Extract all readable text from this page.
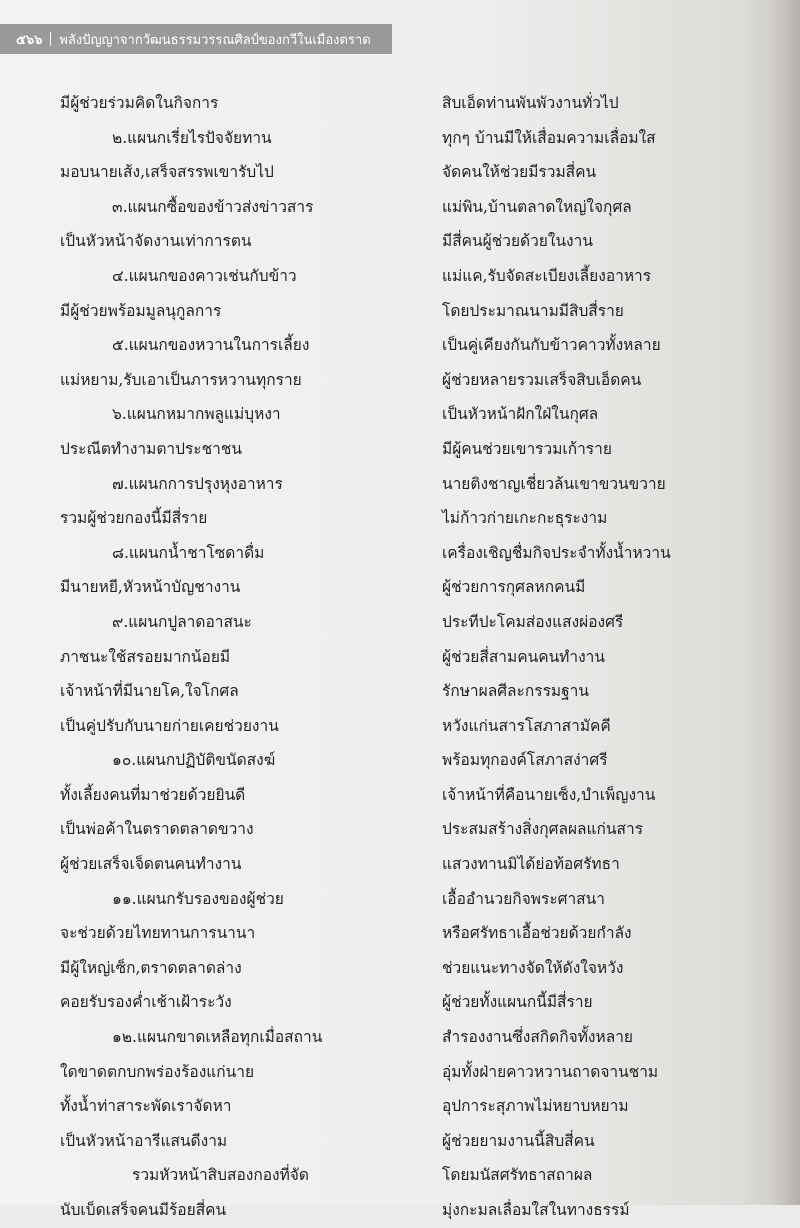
๕๖๖ พลังปัญญาจากวัฒนธรรมวรรณศิลป์ของกวีในเมืองตราด
มีผู้ช่วยร่วมคิดในกิจการ
๒.แผนกเรี่ยไรปัจจัยทาน
มอบนายเส้ง,เสร็จสรรพเขารับไป
๓.แผนกซื้อของข้าวส่งข่าวสาร
เป็นหัวหน้าจัดงานเท่าการตน
๔.แผนกของคาวเช่นกับข้าว
มีผู้ช่วยพร้อมมูลนุกูลการ
๕.แผนกของหวานในการเลี้ยง
แม่หยาม,รับเอาเป็นภารหวานทุกราย
๖.แผนกหมากพลูแม่บุหงา
ประณีตทำงามตาประชาชน
๗.แผนกการปรุงหุงอาหาร
รวมผู้ช่วยกองนี้มีสี่ราย
๘.แผนกน้ำชาโซดาดื่ม
มีนายหยี,หัวหน้าบัญชางาน
๙.แผนกปูลาดอาสนะ
ภาชนะใช้สรอยมากน้อยมี
เจ้าหน้าที่มีนายโค,ใจโกศล
เป็นคู่ปรับกับนายก่ายเคยช่วยงาน
๑๐.แผนกปฏิบัติขนัดสงฆ์
ทั้งเลี้ยงคนที่มาช่วยด้วยยินดี
เป็นพ่อค้าในตราดตลาดขวาง
ผู้ช่วยเสร็จเจ็ดตนคนทำงาน
๑๑.แผนกรับรองของผู้ช่วย
จะช่วยด้วยไทยทานการนานา
มีผู้ใหญ่เซ็ก,ตราดตลาดล่าง
คอยรับรองค่ำเช้าเฝ้าระวัง
๑๒.แผนกขาดเหลือทุกเมื่อสถาน
ใดขาดตกบกพร่องร้องแก่นาย
ทั้งน้ำท่าสาระพัดเราจัดหา
เป็นหัวหน้าอารีแสนดีงาม
รวมหัวหน้าสิบสองกองที่จัด
นับเบ็ดเสร็จคนมีร้อยสี่คน
สิบเอ็ดท่านพันพัวงานทั่วไป
ทุกๆ บ้านมีให้เสื่อมความเลื่อมใส
จัดคนให้ช่วยมีรวมสี่คน
แม่พิน,บ้านตลาดใหญ่ใจกุศล
มีสี่คนผู้ช่วยด้วยในงาน
แม่แค,รับจัดสะเบียงเลี้ยงอาหาร
โดยประมาณนามมีสิบสี่ราย
เป็นคู่เคียงกันกับข้าวคาวทั้งหลาย
ผู้ช่วยหลายรวมเสร็จสิบเอ็ดคน
เป็นหัวหน้าฝักใฝ่ในกุศล
มีผู้คนช่วยเขารวมเก้าราย
นายติงชาญเชี่ยวล้นเขาขวนขวาย
ไม่ก้าวก่ายเกะกะธุระงาม
เครื่องเชิญชื่มกิจประจำทั้งน้ำหวาน
ผู้ช่วยการกุศลหกคนมี
ประทีปะโคมส่องแสงผ่องศรี
ผู้ช่วยสี่สามคนคนทำงาน
รักษาผลศีละกรรมฐาน
หวังแก่นสารโสภาสามัคคี
พร้อมทุกองค์โสภาสง่าศรี
เจ้าหน้าที่คือนายเซ็ง,บำเพ็ญงาน
ประสมสร้างสิ่งกุศลผลแก่นสาร
แสวงทานมิได้ย่อท้อศรัทธา
เอื้ออำนวยกิจพระศาสนา
หรือศรัทธาเอื้อช่วยด้วยกำลัง
ช่วยแนะทางจัดให้ดังใจหวัง
ผู้ช่วยทั้งแผนกนี้มีสี่ราย
สำรองงานซึ่งสกิดกิจทั้งหลาย
อุ่มทั้งฝ่ายคาวหวานถาดจานชาม
อุปการะสุภาพไม่หยาบหยาม
ผู้ช่วยยามงานนี้สิบสี่คน
โดยมนัสศรัทธาสถาผล
มุ่งกะมลเลื่อมใสในทางธรรม์
